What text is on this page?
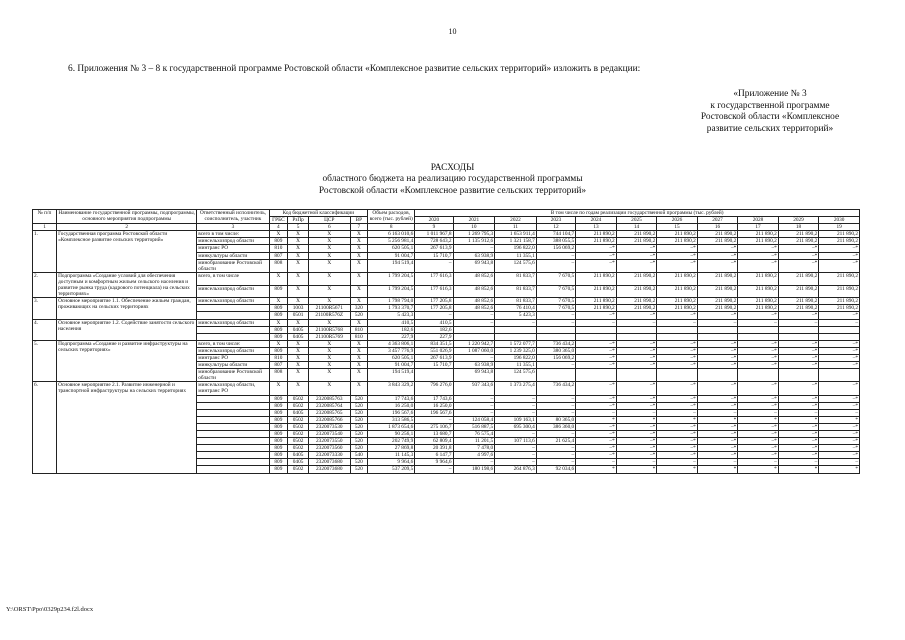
10
6. Приложения № 3 – 8 к государственной программе Ростовской области «Комплексное развитие сельских территорий» изложить в редакции:
«Приложение № 3
к государственной программе
Ростовской области «Комплексное
развитие сельских территорий»
РАСХОДЫ
областного бюджета на реализацию государственной программы
Ростовской области «Комплексное развитие сельских территорий»
№ п/п	Наименование государственной программы, подпрограммы, основного мероприятия подпрограммы	Ответственный исполнитель, соисполнитель, участник	Код бюджетной классификации				Объем расходов, всего (тыс. рублей)	В том числе по годам реализации государственной программы (тыс. рублей)										
								2020	2021	2022	2023	2024	2025	2026	2027	2028	2029	2030
			ГРБС	РзПр	ЦСР	ВР												
1	2	3	4	5	6	7	8	9	10	11	12	13	14	15	16	17	18	19
1.	Государственная программа Ростовской области «Комплексное развитие сельских территорий»	всего в том числе:	X	X	X	X	6 163 010,6	1 011 967,8	1 269 795,3	1 653 911,4	744 104,7	211 890,2	211 890,2	211 890,2	211 890,2	211 890,2	211 890,2	211 890,2
		минсельхозпрод области	809	X	X	X	5 256 981,4	728 643,2	1 135 912,6	1 321 158,7	388 055,5	211 890,2	211 890,2	211 890,2	211 890,2	211 890,2	211 890,2	211 890,2
		минтранс РО	810	X	X	X	620 505,1	267 613,9	–	196 822,0	156 069,2	–*	–*	–*	–*	–*	–*	–*
		минкультуры области	807	X	X	X	91 004,7	15 710,7	63 938,9	11 355,1	–	–*	–*	–*	–*	–*	–*	–*
		минобразование Ростовской области	808	X	X	X	194 519,4	–	69 943,8	124 575,6	–	–*	–*	–*	–*	–*	–*	–*
2.	Подпрограмма «Создание условий для обеспечения доступным и комфортным жильем сельского населения и развитие рынка труда (кадрового потенциала) на сельских территориях»	всего, в том числе	X	X	X	X	1 799 204,5	177 616,3	48 852,6	81 833,7	7 670,5	211 890,2	211 890,2	211 890,2	211 890,2	211 890,2	211 890,2	211 890,2
		минсельхозпрод области	809	X	X	X	1 799 204,5	177 616,3	48 852,6	81 833,7	7 670,5	211 890,2	211 890,2	211 890,2	211 890,2	211 890,2	211 890,2	211 890,2
3.	Основное мероприятие 1.1. Обеспечение жильем граждан, проживающих на сельских территориях	минсельхозпрод области	X	X	X	X	1 798 794,0	177 205,8	48 852,6	81 833,7	7 670,5	211 890,2	211 890,2	211 890,2	211 890,2	211 890,2	211 890,2	211 890,2
			809	1003	21100R5671	320	1 793 370,7	177 205,8	48 852,6	76 410,4	7 670,5	211 890,2	211 890,2	211 890,2	211 890,2	211 890,2	211 890,2	211 890,2
			809	0501	21100R576Z	520	5 423,3	–	–	5 423,3	–	–*	–*	–*	–*	–*	–*	–*
4.	Основное мероприятие 1.2. Содействие занятости сельского населения	минсельхозпрод области	X	X	X	X	410,5	410,5	–	–	–	–	–	–	–	–	–	–
			809	0405	21100R5768	810	182,6	182,6										
			809	0405	21100R5769	810	227,9	227,9										
5.	Подпрограмма «Создание и развитие инфраструктуры на сельских территориях»	всего, в том числе:	X	X	X	X	4 363 806,1	834 351,5	1 220 942,7	1 572 077,7	736 434,2	–*	–*	–*	–*	–*	–*	–*
		минсельхозпрод области	809	X	X	X	3 457 776,9	551 026,9	1 087 060,0	1 239 325,0	380 365,0	–*	–*	–*	–*	–*	–*	–*
		минтранс РО	810	X	X	X	620 505,1	267 613,9	–	196 822,0	156 069,2	–*	–*	–*	–*	–*	–*	–*
		минкультуры области	807	X	X	X	91 004,7	15 710,7	63 938,9	11 355,1	–	–*	–*	–*	–*	–*	–*	–*
		минобразование Ростовской области	808	X	X	X	194 519,4		69 943,8	124 575,6								
6.	Основное мероприятие 2.1. Развитие инженерной и транспортной инфраструктуры на сельских территориях	минсельхозпрод области, минтранс РО	X	X	X	X	3 843 329,2	796 276,0	937 343,6	1 373 275,4	736 434,2	–*	–*	–*	–*	–*	–*	–*
			809	0502	2320085763	520	17 743,6	17 743,6	–	–	–	–*	–*	–*	–*	–*	–*	–*
			809	0502	2320085764	520	16 250,0	16 250,0	–	–	–	–*	–*	–*	–*	–*	–*	–*
			809	0405	2320085765	520	196 567,6	196 567,6	–	–	–	–	–	–	–	–	–	–
			809	0502	2320085766	520	313 586,5	–	124 058,4	109 163,1	80 365,0	*	*	*	*	*	*	*
			809	0502	2320073530	520	1 873 654,6	275 106,7	516 887,5	695 300,4	386 360,0	–*	–*	–*	–*	–*	–*	–*
			809	0502	2320073540	520	90 256,1	13 680,7	76 575,4	–	–	–*	–*	–*	–*	–*	–*	–*
			809	0502	2320073550	520	202 749,9	62 809,4	11 201,5	107 113,6	21 625,4	–*	–*	–*	–*	–*	–*	–*
			809	0502	2320073560	520	27 869,8	20 391,8	7 478,0	–	–	–*	–*	–*	–*	–*	–*	–*
			809	0405	2320073330	540	11 145,3	6 147,7	4 997,6	–	–	–*	–*	–*	–*	–*	–*	–*
			809	0405	2320073680	520	9 964,6	9 964,6	–	–	–	–	–	–	–	–	–	–
			809	0502	2320073680	520	537 209,5	–	180 198,6	264 876,3	92 034,6	*	*	*	*	*	*	*
Y:\ORST\Ppo\0329p234.f2l.docx
